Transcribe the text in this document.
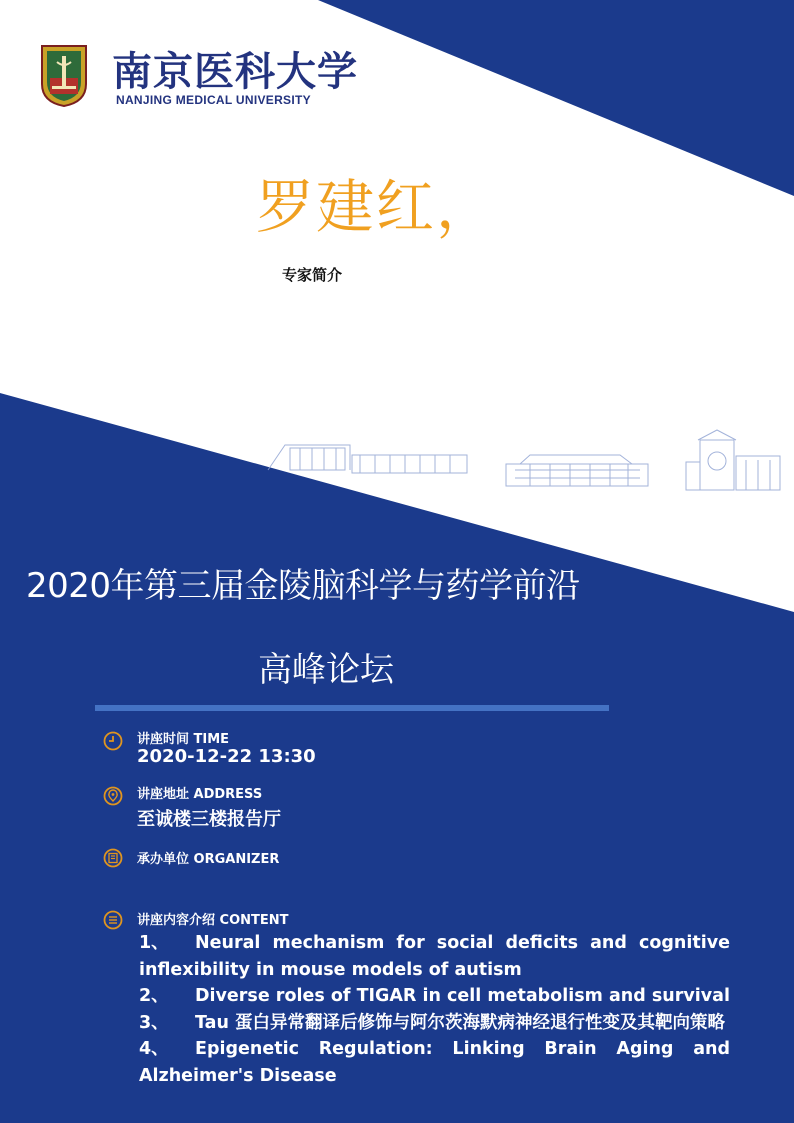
南京医科大学
NANJING MEDICAL UNIVERSITY
罗建红，
专家简介
2020年第三届金陵脑科学与药学前沿
高峰论坛
讲座时间 TIME
2020-12-22 13:30
讲座地址 ADDRESS
至诚楼三楼报告厅
承办单位 ORGANIZER
讲座内容介绍 CONTENT
1、 Neural mechanism for social deficits and cognitive inflexibility in mouse models of autism
2、 Diverse roles of TIGAR in cell metabolism and survival
3、 Tau 蛋白异常翻译后修饰与阿尔茨海默病神经退行性变及其靶向策略
4、 Epigenetic Regulation: Linking Brain Aging and Alzheimer's Disease
